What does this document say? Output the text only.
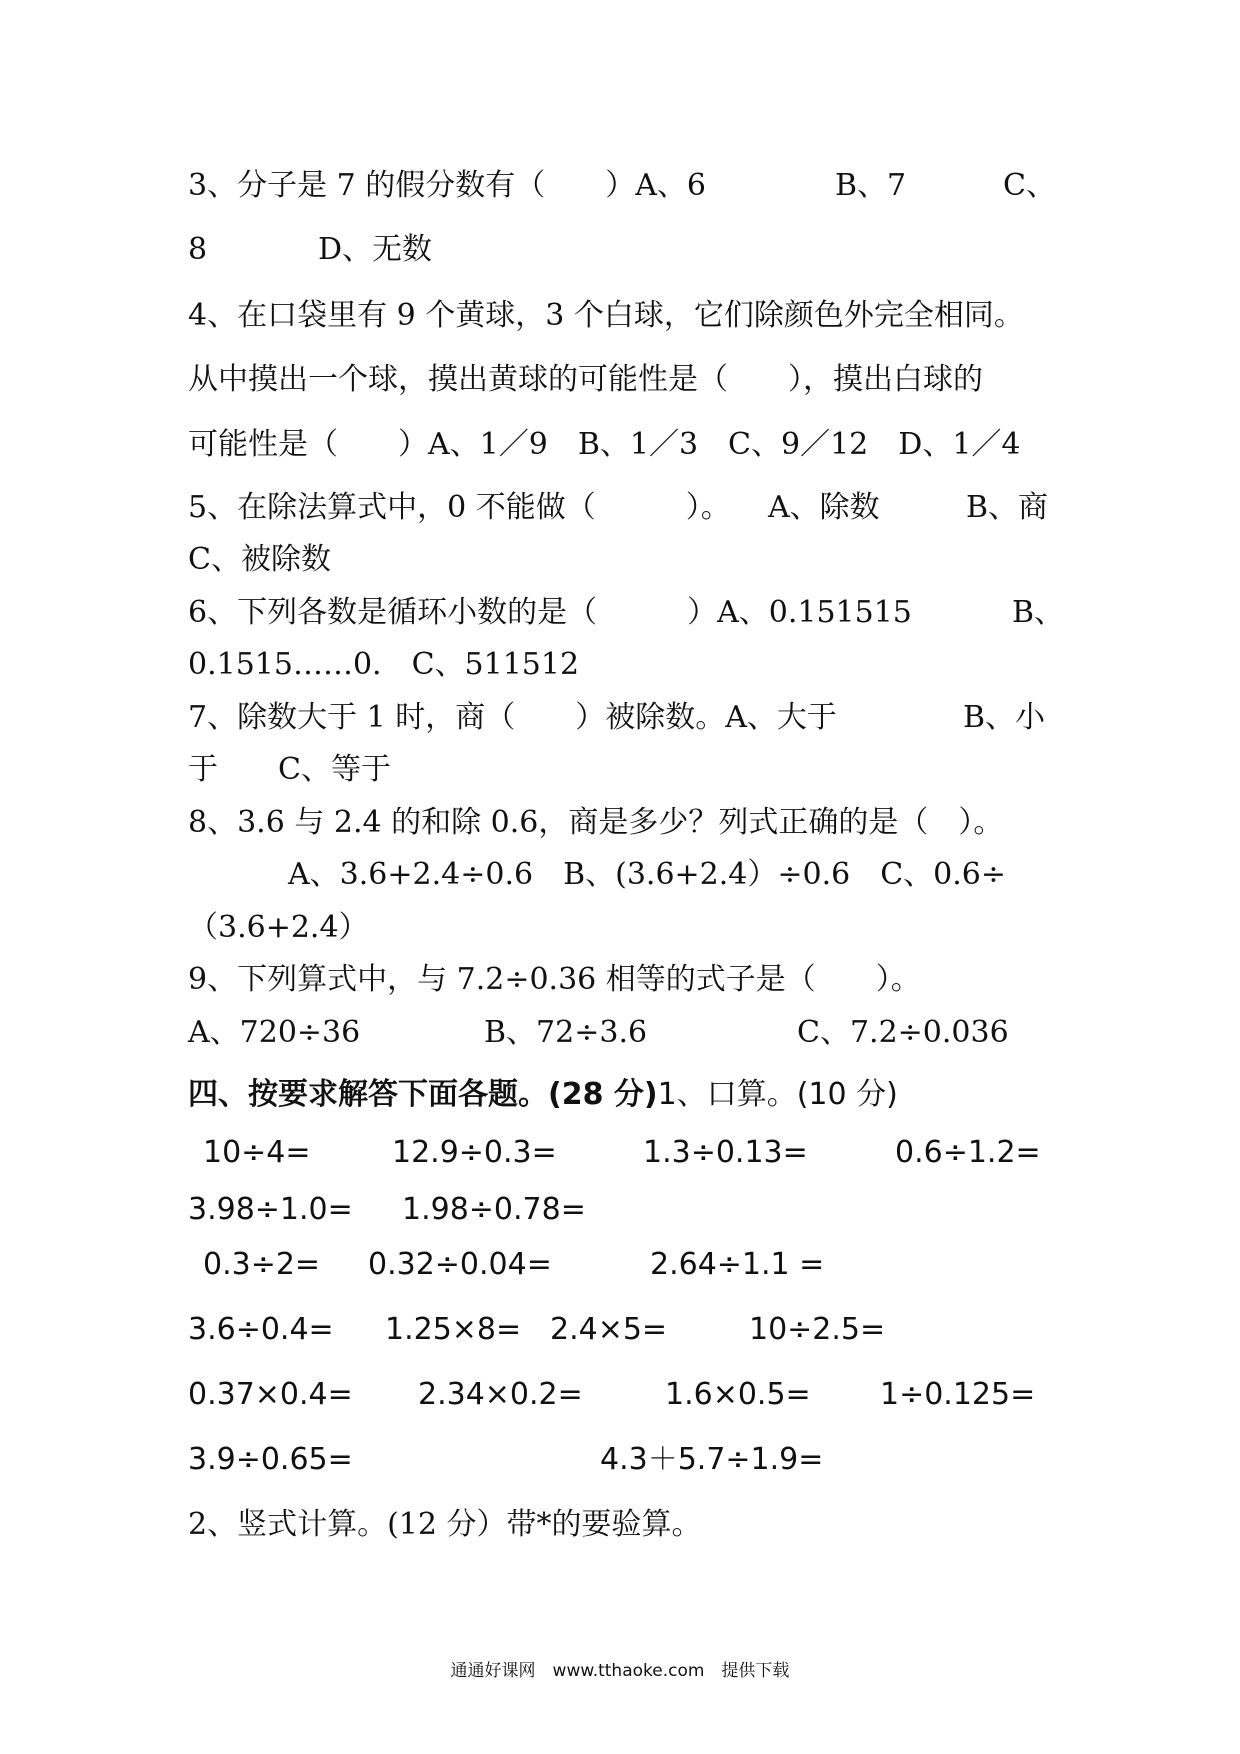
3、分子是 7 的假分数有（　　）A、6	B、7	C、
8	D、无数
4、在口袋里有 9 个黄球，3 个白球，它们除颜色外完全相同。
从中摸出一个球，摸出黄球的可能性是（　　），摸出白球的
可能性是（　　）A、1／9　B、1／3　C、9／12　D、1／4
5、在除法算式中，0 不能做（　　　）。 A、除数	B、商
C、被除数
6、下列各数是循环小数的是（　　　）A、0.151515	B、
0.1515……0.　C、511512
7、除数大于 1 时，商（　　）被除数。A、大于	B、小
于　　C、等于
8、3.6 与 2.4 的和除 0.6，商是多少？列式正确的是（　）。
A、3.6+2.4÷0.6　B、(3.6+2.4）÷0.6　C、0.6÷
（3.6+2.4）
9、下列算式中，与 7.2÷0.36 相等的式子是（　　）。
A、720÷36	B、72÷3.6	C、7.2÷0.036
四、按要求解答下面各题。(28 分)1、口算。(10 分)
10÷4=	12.9÷0.3=	1.3÷0.13=	0.6÷1.2=
3.98÷1.0= 1.98÷0.78=
0.3÷2= 0.32÷0.04=	2.64÷1.1 =
3.6÷0.4= 1.25×8= 2.4×5=	10÷2.5=
0.37×0.4= 2.34×0.2=	1.6×0.5= 1÷0.125=
3.9÷0.65=	4.3＋5.7÷1.9=
2、竖式计算。(12 分）带*的要验算。
通通好课网　www.tthaoke.com　提供下载
